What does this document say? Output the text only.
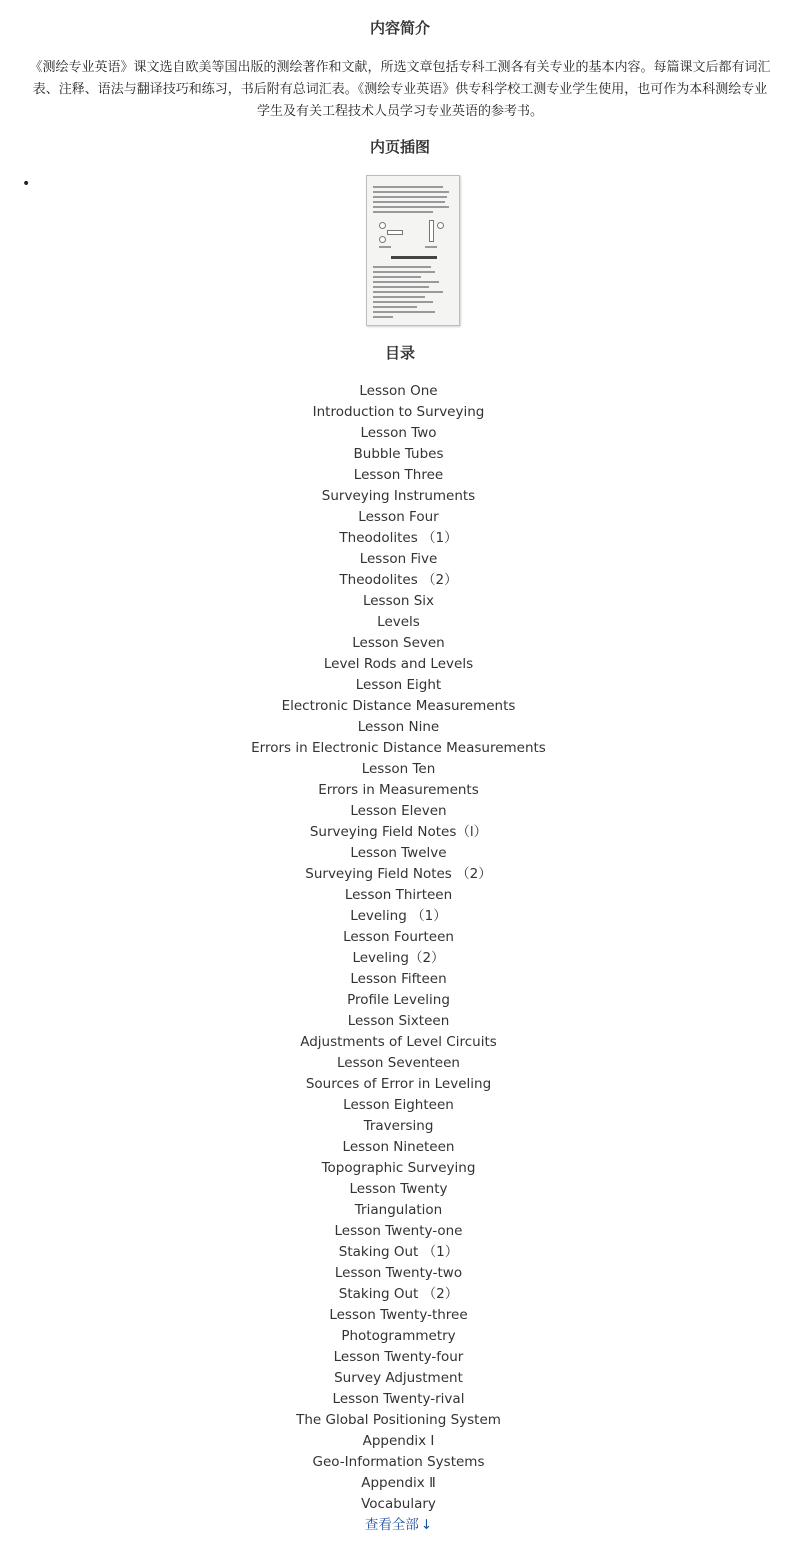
内容简介
《测绘专业英语》课文选自欧美等国出版的测绘著作和文献，所选文章包括专科工测各有关专业的基本内容。每篇课文后都有词汇
表、注释、语法与翻译技巧和练习，书后附有总词汇表。《测绘专业英语》供专科学校工测专业学生使用，也可作为本科测绘专业
学生及有关工程技术人员学习专业英语的参考书。
内页插图
•
目录
Lesson One
Introduction to Surveying
Lesson Two
Bubble Tubes
Lesson Three
Surveying Instruments
Lesson Four
Theodolites （1）
Lesson Five
Theodolites （2）
Lesson Six
Levels
Lesson Seven
Level Rods and Levels
Lesson Eight
Electronic Distance Measurements
Lesson Nine
Errors in Electronic Distance Measurements
Lesson Ten
Errors in Measurements
Lesson Eleven
Surveying Field Notes（l）
Lesson Twelve
Surveying Field Notes （2）
Lesson Thirteen
Leveling （1）
Lesson Fourteen
Leveling（2）
Lesson Fifteen
Profile Leveling
Lesson Sixteen
Adjustments of Level Circuits
Lesson Seventeen
Sources of Error in Leveling
Lesson Eighteen
Traversing
Lesson Nineteen
Topographic Surveying
Lesson Twenty
Triangulation
Lesson Twenty-one
Staking Out （1）
Lesson Twenty-two
Staking Out （2）
Lesson Twenty-three
Photogrammetry
Lesson Twenty-four
Survey Adjustment
Lesson Twenty-rival
The Global Positioning System
Appendix Ⅰ
Geo-Information Systems
Appendix Ⅱ
Vocabulary
查看全部 ↓
